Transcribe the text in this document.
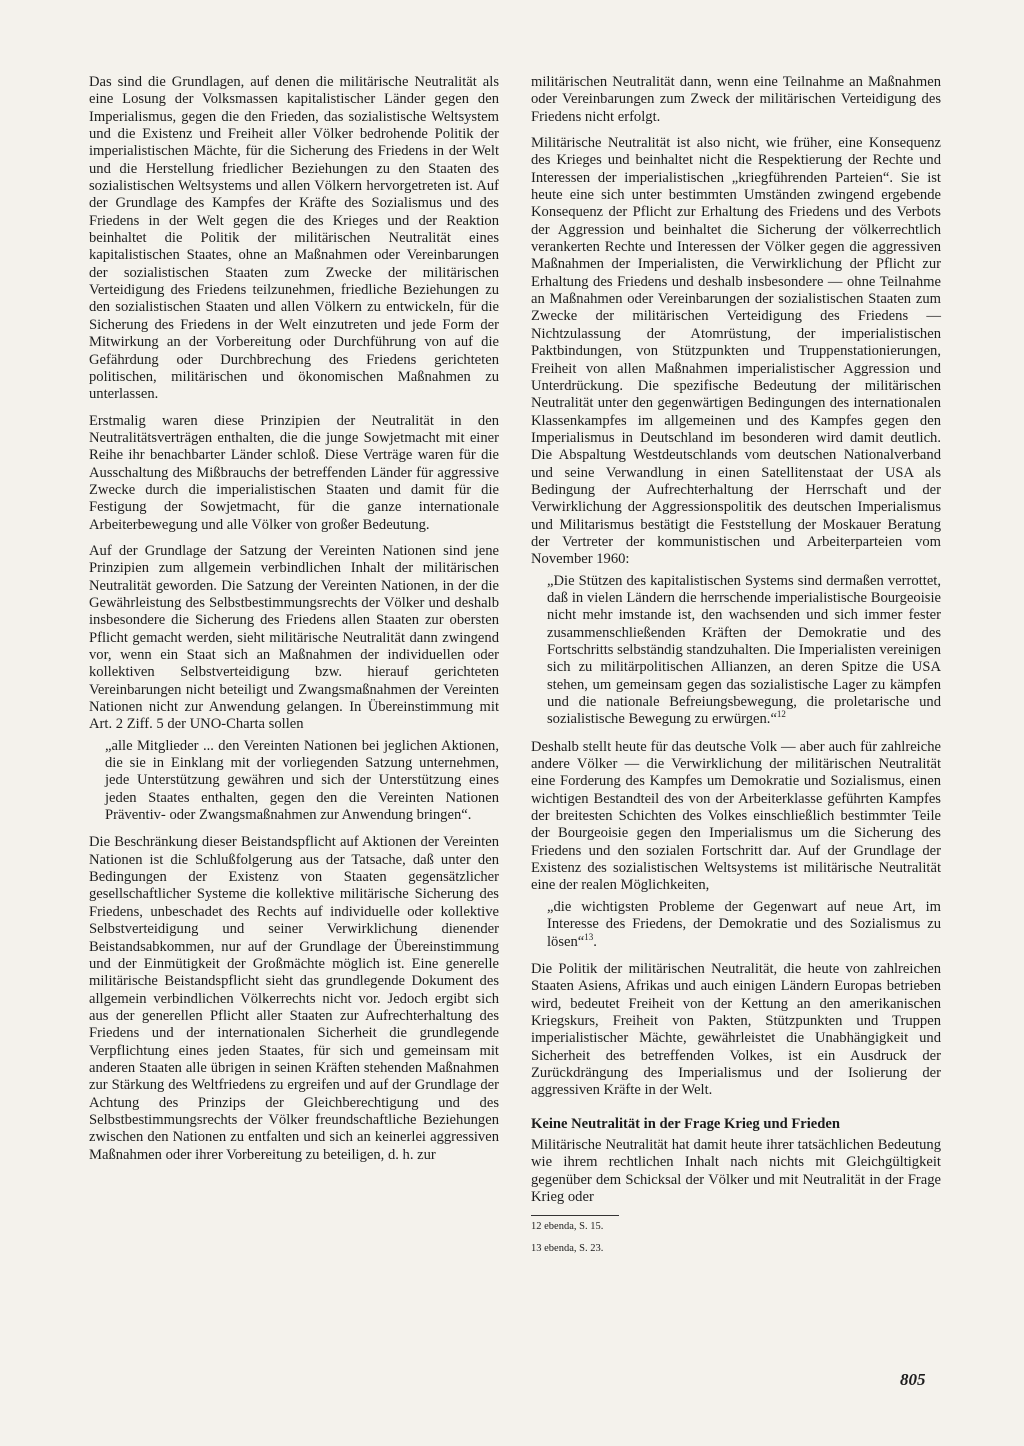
Das sind die Grundlagen, auf denen die militärische Neutralität als eine Losung der Volksmassen kapitalistischer Länder gegen den Imperialismus, gegen die den Frieden, das sozialistische Weltsystem und die Existenz und Freiheit aller Völker bedrohende Politik der imperialistischen Mächte, für die Sicherung des Friedens in der Welt und die Herstellung friedlicher Beziehungen zu den Staaten des sozialistischen Weltsystems und allen Völkern hervorgetreten ist. Auf der Grundlage des Kampfes der Kräfte des Sozialismus und des Friedens in der Welt gegen die des Krieges und der Reaktion beinhaltet die Politik der militärischen Neutralität eines kapitalistischen Staates, ohne an Maßnahmen oder Vereinbarungen der sozialistischen Staaten zum Zwecke der militärischen Verteidigung des Friedens teilzunehmen, friedliche Beziehungen zu den sozialistischen Staaten und allen Völkern zu entwickeln, für die Sicherung des Friedens in der Welt einzutreten und jede Form der Mitwirkung an der Vorbereitung oder Durchführung von auf die Gefährdung oder Durchbrechung des Friedens gerichteten politischen, militärischen und ökonomischen Maßnahmen zu unterlassen.

Erstmalig waren diese Prinzipien der Neutralität in den Neutralitätsverträgen enthalten, die die junge Sowjetmacht mit einer Reihe ihr benachbarter Länder schloß. Diese Verträge waren für die Ausschaltung des Mißbrauchs der betreffenden Länder für aggressive Zwecke durch die imperialistischen Staaten und damit für die Festigung der Sowjetmacht, für die ganze internationale Arbeiterbewegung und alle Völker von großer Bedeutung.

Auf der Grundlage der Satzung der Vereinten Nationen sind jene Prinzipien zum allgemein verbindlichen Inhalt der militärischen Neutralität geworden. Die Satzung der Vereinten Nationen, in der die Gewährleistung des Selbstbestimmungsrechts der Völker und deshalb insbesondere die Sicherung des Friedens allen Staaten zur obersten Pflicht gemacht werden, sieht militärische Neutralität dann zwingend vor, wenn ein Staat sich an Maßnahmen der individuellen oder kollektiven Selbstverteidigung bzw. hierauf gerichteten Vereinbarungen nicht beteiligt und Zwangsmaßnahmen der Vereinten Nationen nicht zur Anwendung gelangen. In Übereinstimmung mit Art. 2 Ziff. 5 der UNO-Charta sollen

„alle Mitglieder ... den Vereinten Nationen bei jeglichen Aktionen, die sie in Einklang mit der vorliegenden Satzung unternehmen, jede Unterstützung gewähren und sich der Unterstützung eines jeden Staates enthalten, gegen den die Vereinten Nationen Präventiv- oder Zwangsmaßnahmen zur Anwendung bringen“.

Die Beschränkung dieser Beistandspflicht auf Aktionen der Vereinten Nationen ist die Schlußfolgerung aus der Tatsache, daß unter den Bedingungen der Existenz von Staaten gegensätzlicher gesellschaftlicher Systeme die kollektive militärische Sicherung des Friedens, unbeschadet des Rechts auf individuelle oder kollektive Selbstverteidigung und seiner Verwirklichung dienender Beistandsabkommen, nur auf der Grundlage der Übereinstimmung und der Einmütigkeit der Großmächte möglich ist. Eine generelle militärische Beistandspflicht sieht das grundlegende Dokument des allgemein verbindlichen Völkerrechts nicht vor. Jedoch ergibt sich aus der generellen Pflicht aller Staaten zur Aufrechterhaltung des Friedens und der internationalen Sicherheit die grundlegende Verpflichtung eines jeden Staates, für sich und gemeinsam mit anderen Staaten alle übrigen in seinen Kräften stehenden Maßnahmen zur Stärkung des Weltfriedens zu ergreifen und auf der Grundlage der Achtung des Prinzips der Gleichberechtigung und des Selbstbestimmungsrechts der Völker freundschaftliche Beziehungen zwischen den Nationen zu entfalten und sich an keinerlei aggressiven Maßnahmen oder ihrer Vorbereitung zu beteiligen, d. h. zur

militärischen Neutralität dann, wenn eine Teilnahme an Maßnahmen oder Vereinbarungen zum Zweck der militärischen Verteidigung des Friedens nicht erfolgt.

Militärische Neutralität ist also nicht, wie früher, eine Konsequenz des Krieges und beinhaltet nicht die Respektierung der Rechte und Interessen der imperialistischen „kriegführenden Parteien“. Sie ist heute eine sich unter bestimmten Umständen zwingend ergebende Konsequenz der Pflicht zur Erhaltung des Friedens und des Verbots der Aggression und beinhaltet die Sicherung der völkerrechtlich verankerten Rechte und Interessen der Völker gegen die aggressiven Maßnahmen der Imperialisten, die Verwirklichung der Pflicht zur Erhaltung des Friedens und deshalb insbesondere — ohne Teilnahme an Maßnahmen oder Vereinbarungen der sozialistischen Staaten zum Zwecke der militärischen Verteidigung des Friedens — Nichtzulassung der Atomrüstung, der imperialistischen Paktbindungen, von Stützpunkten und Truppenstationierungen, Freiheit von allen Maßnahmen imperialistischer Aggression und Unterdrückung. Die spezifische Bedeutung der militärischen Neutralität unter den gegenwärtigen Bedingungen des internationalen Klassenkampfes im allgemeinen und des Kampfes gegen den Imperialismus in Deutschland im besonderen wird damit deutlich. Die Abspaltung Westdeutschlands vom deutschen Nationalverband und seine Verwandlung in einen Satellitenstaat der USA als Bedingung der Aufrechterhaltung der Herrschaft und der Verwirklichung der Aggressionspolitik des deutschen Imperialismus und Militarismus bestätigt die Feststellung der Moskauer Beratung der Vertreter der kommunistischen und Arbeiterparteien vom November 1960:

„Die Stützen des kapitalistischen Systems sind dermaßen verrottet, daß in vielen Ländern die herrschende imperialistische Bourgeoisie nicht mehr imstande ist, den wachsenden und sich immer fester zusammenschließenden Kräften der Demokratie und des Fortschritts selbständig standzuhalten. Die Imperialisten vereinigen sich zu militärpolitischen Allianzen, an deren Spitze die USA stehen, um gemeinsam gegen das sozialistische Lager zu kämpfen und die nationale Befreiungsbewegung, die proletarische und sozialistische Bewegung zu erwürgen.“$^{12}$

Deshalb stellt heute für das deutsche Volk — aber auch für zahlreiche andere Völker — die Verwirklichung der militärischen Neutralität eine Forderung des Kampfes um Demokratie und Sozialismus, einen wichtigen Bestandteil des von der Arbeiterklasse geführten Kampfes der breitesten Schichten des Volkes einschließlich bestimmter Teile der Bourgeoisie gegen den Imperialismus um die Sicherung des Friedens und den sozialen Fortschritt dar. Auf der Grundlage der Existenz des sozialistischen Weltsystems ist militärische Neutralität eine der realen Möglichkeiten,

„die wichtigsten Probleme der Gegenwart auf neue Art, im Interesse des Friedens, der Demokratie und des Sozialismus zu lösen“$^{13}$.

Die Politik der militärischen Neutralität, die heute von zahlreichen Staaten Asiens, Afrikas und auch einigen Ländern Europas betrieben wird, bedeutet Freiheit von der Kettung an den amerikanischen Kriegskurs, Freiheit von Pakten, Stützpunkten und Truppen imperialistischer Mächte, gewährleistet die Unabhängigkeit und Sicherheit des betreffenden Volkes, ist ein Ausdruck der Zurückdrängung des Imperialismus und der Isolierung der aggressiven Kräfte in der Welt.

Keine Neutralität in der Frage Krieg und Frieden

Militärische Neutralität hat damit heute ihrer tatsächlichen Bedeutung wie ihrem rechtlichen Inhalt nach nichts mit Gleichgültigkeit gegenüber dem Schicksal der Völker und mit Neutralität in der Frage Krieg oder

12 ebenda, S. 15.

13 ebenda, S. 23.

805
